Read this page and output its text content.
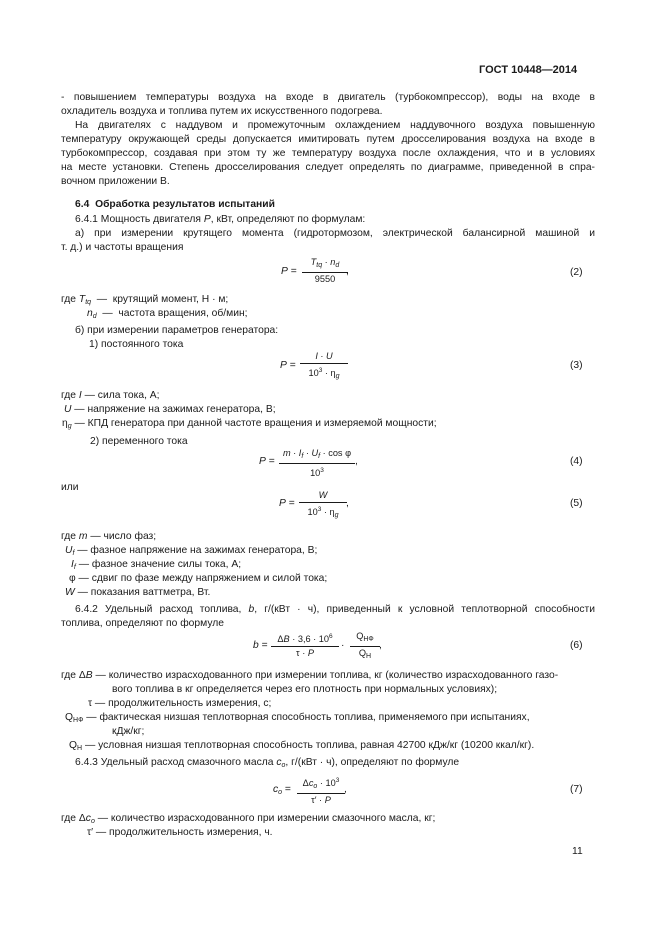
ГОСТ 10448—2014
- повышением температуры воздуха на входе в двигатель (турбокомпрессор), воды на входе в
охладитель воздуха и топлива путем их искусственного подогрева.
На двигателях с наддувом и промежуточным охлаждением наддувочного воздуха повышенную
температуру окружающей среды допускается имитировать путем дросселирования воздуха на входе в
турбокомпрессор, создавая при этом ту же температуру воздуха после охлаждения, что и в условиях
на месте установки. Степень дросселирования следует определять по диаграмме, приведенной в спра-
вочном приложении В.
6.4 Обработка результатов испытаний
6.4.1 Мощность двигателя P, кВт, определяют по формулам:
а) при измерении крутящего момента (гидротормозом, электрической балансирной машиной и
т. д.) и частоты вращения
P =
$T_{tq} \cdot n_d$
9550
,	(2)
где $T_{tq}$  —  крутящий момент, Н · м;
$n_d$  —  частота вращения, об/мин;
б) при измерении параметров генератора:
1) постоянного тока
P =
I · U
$10^3 \cdot \eta_g$
(3)
где I — сила тока, А;
U — напряжение на зажимах генератора, В;
$\eta_g$ — КПД генератора при данной частоте вращения и измеряемой мощности;
2) переменного тока
P =
$m \cdot I_f \cdot U_f \cdot \cos \varphi$
$10^3$
,	(4)
или
P =
W
$10^3 \cdot \eta_g$
,	(5)
где m — число фаз;
$U_f$ — фазное напряжение на зажимах генератора, В;
$I_f$ — фазное значение силы тока, А;
φ — сдвиг по фазе между напряжением и силой тока;
W — показания ваттметра, Вт.
6.4.2 Удельный расход топлива, b, г/(кВт · ч), приведенный к условной теплотворной способности
топлива, определяют по формуле
b =
$\Delta B \cdot 3,6 \cdot 10^6$
τ · P
·
$Q_{НФ}$
$Q_Н$
,	(6)
где ΔB — количество израсходованного при измерении топлива, кг (количество израсходованного газо-
вого топлива в кг определяется через его плотность при нормальных условиях);
τ — продолжительность измерения, с;
$Q_{НФ}$ — фактическая низшая теплотворная способность топлива, применяемого при испытаниях,
кДж/кг;
$Q_Н$ — условная низшая теплотворная способность топлива, равная 42700 кДж/кг (10200 ккал/кг).
6.4.3 Удельный расход смазочного масла $c_o$, г/(кВт · ч), определяют по формуле
$c_o$ =
$\Delta c_o \cdot 10^3$
τ′ · P
,	(7)
где $\Delta c_o$ — количество израсходованного при измерении смазочного масла, кг;
τ′ — продолжительность измерения, ч.
11
